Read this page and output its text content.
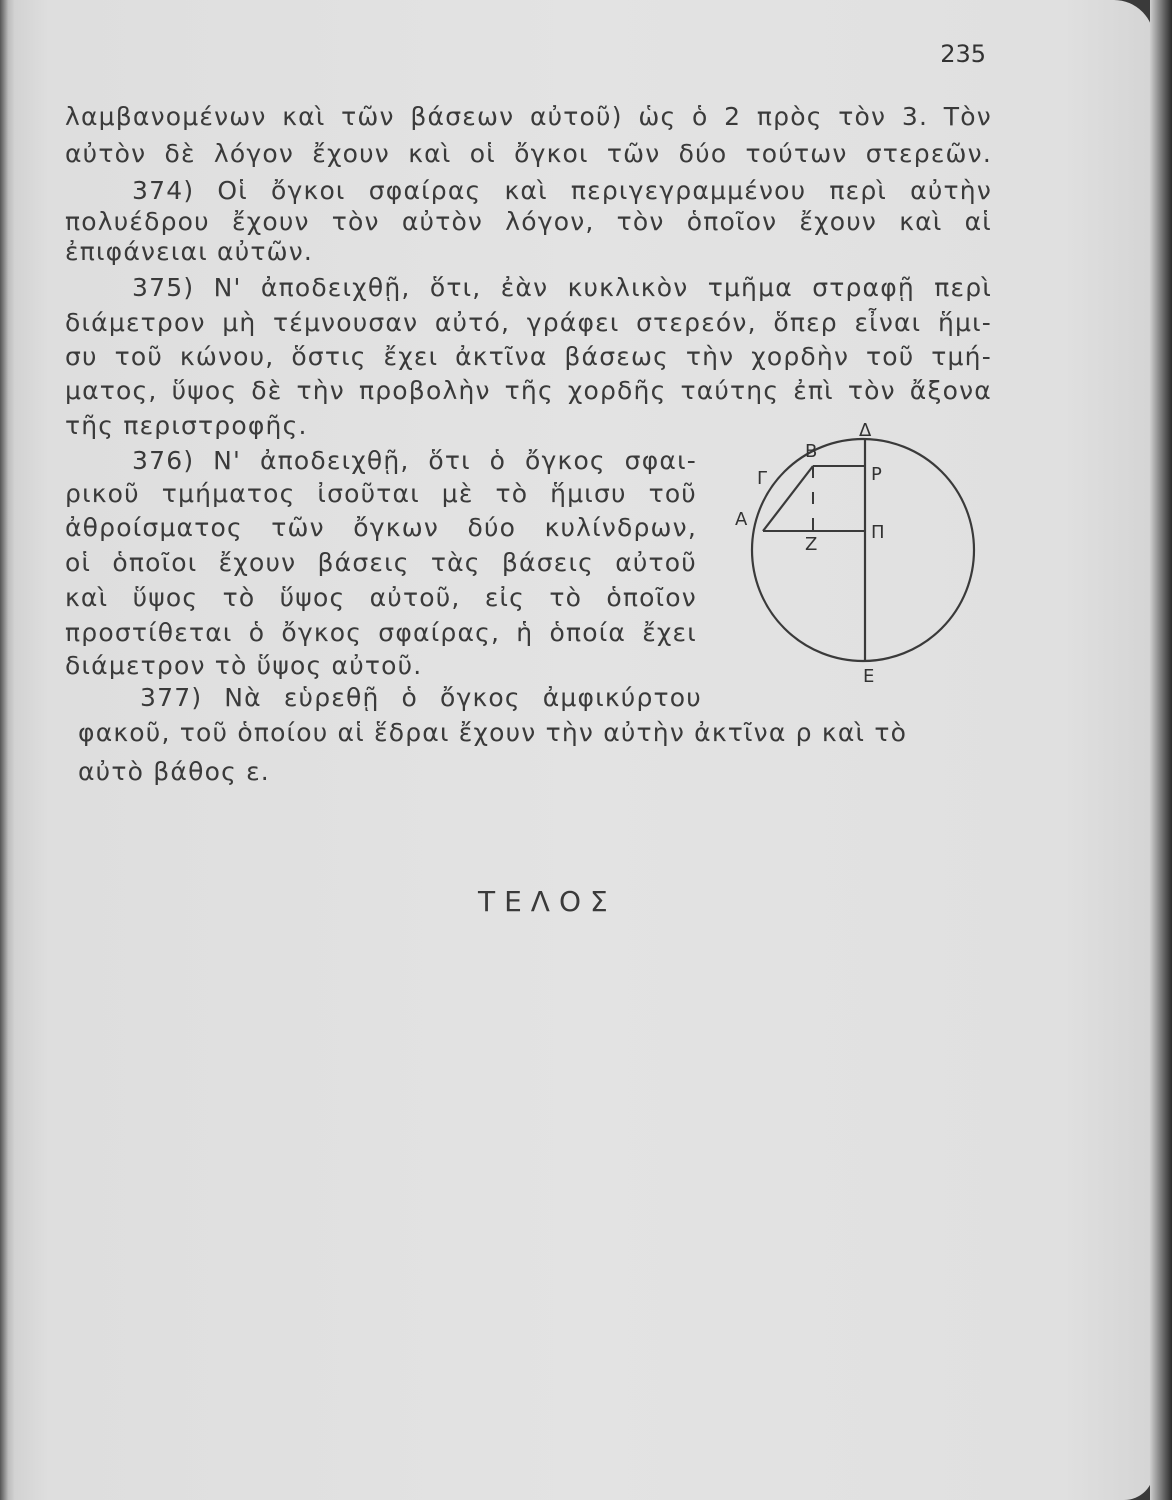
235
λαμβανομένων καὶ τῶν βάσεων αὐτοῦ) ὡς ὁ 2 πρὸς τὸν 3. Τὸν
αὐτὸν δὲ λόγον ἔχουν καὶ οἱ ὄγκοι τῶν δύο τούτων στερεῶν.
374) Οἱ ὄγκοι σφαίρας καὶ περιγεγραμμένου περὶ αὐτὴν
πολυέδρου ἔχουν τὸν αὐτὸν λόγον, τὸν ὁποῖον ἔχουν καὶ αἱ
ἐπιφάνειαι αὐτῶν.
375) Ν' ἀποδειχθῇ, ὅτι, ἐὰν κυκλικὸν τμῆμα στραφῇ περὶ
διάμετρον μὴ τέμνουσαν αὐτό, γράφει στερεόν, ὅπερ εἶναι ἥμι-
συ τοῦ κώνου, ὅστις ἔχει ἀκτῖνα βάσεως τὴν χορδὴν τοῦ τμή-
ματος, ὕψος δὲ τὴν προβολὴν τῆς χορδῆς ταύτης ἐπὶ τὸν ἄξονα
τῆς περιστροφῆς.
376) Ν' ἀποδειχθῇ, ὅτι ὁ ὄγκος σφαι-
ρικοῦ τμήματος ἰσοῦται μὲ τὸ ἥμισυ τοῦ
ἀθροίσματος τῶν ὄγκων δύο κυλίνδρων,
οἱ ὁποῖοι ἔχουν βάσεις τὰς βάσεις αὐτοῦ
καὶ ὕψος τὸ ὕψος αὐτοῦ, εἰς τὸ ὁποῖον
προστίθεται ὁ ὄγκος σφαίρας, ἡ ὁποία ἔχει
διάμετρον τὸ ὕψος αὐτοῦ.
377) Νὰ εὑρεθῇ ὁ ὄγκος ἀμφικύρτου
φακοῦ, τοῦ ὁποίου αἱ ἕδραι ἔχουν τὴν αὐτὴν ἀκτῖνα ρ καὶ τὸ
αὐτὸ βάθος ε.
Δ
Β
Ρ
Γ
Α
Π
Ζ
Ε
ΤΕΛΟΣ
